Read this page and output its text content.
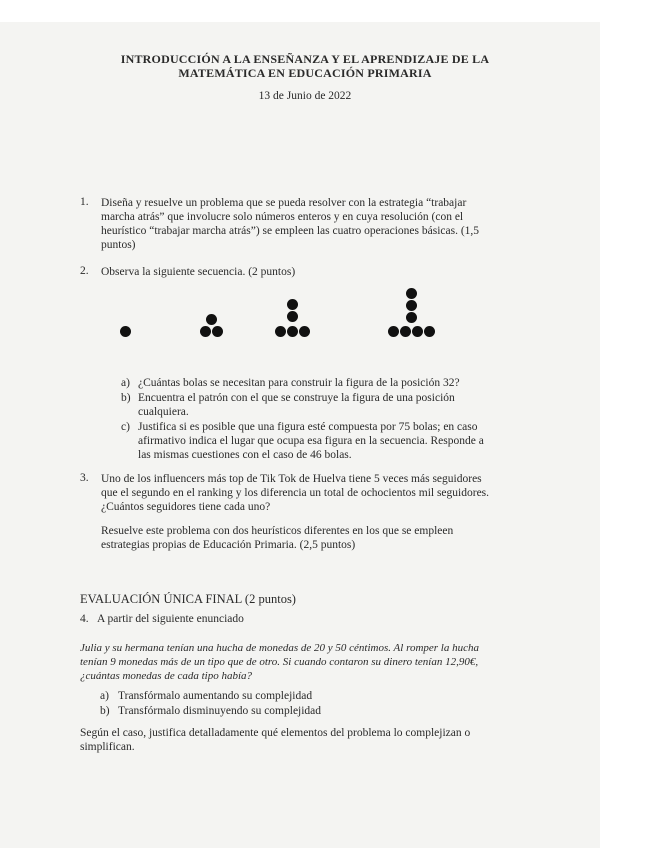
INTRODUCCIÓN A LA ENSEÑANZA Y EL APRENDIZAJE DE LA
MATEMÁTICA EN EDUCACIÓN PRIMARIA
13 de Junio de 2022
1. Diseña y resuelve un problema que se pueda resolver con la estrategia “trabajar
marcha atrás” que involucre solo números enteros y en cuya resolución (con el
heurístico “trabajar marcha atrás”) se empleen las cuatro operaciones básicas. (1,5
puntos)
2. Observa la siguiente secuencia. (2 puntos)
a) ¿Cuántas bolas se necesitan para construir la figura de la posición 32?
b) Encuentra el patrón con el que se construye la figura de una posición
cualquiera.
c) Justifica si es posible que una figura esté compuesta por 75 bolas; en caso
afirmativo indica el lugar que ocupa esa figura en la secuencia. Responde a
las mismas cuestiones con el caso de 46 bolas.
3. Uno de los influencers más top de Tik Tok de Huelva tiene 5 veces más seguidores
que el segundo en el ranking y los diferencia un total de ochocientos mil seguidores.
¿Cuántos seguidores tiene cada uno?
Resuelve este problema con dos heurísticos diferentes en los que se empleen
estrategias propias de Educación Primaria. (2,5 puntos)
EVALUACIÓN ÚNICA FINAL (2 puntos)
4. A partir del siguiente enunciado
Julia y su hermana tenían una hucha de monedas de 20 y 50 céntimos. Al romper la hucha
tenían 9 monedas más de un tipo que de otro. Si cuando contaron su dinero tenían 12,90€,
¿cuántas monedas de cada tipo había?
a) Transfórmalo aumentando su complejidad
b) Transfórmalo disminuyendo su complejidad
Según el caso, justifica detalladamente qué elementos del problema lo complejizan o
simplifican.
